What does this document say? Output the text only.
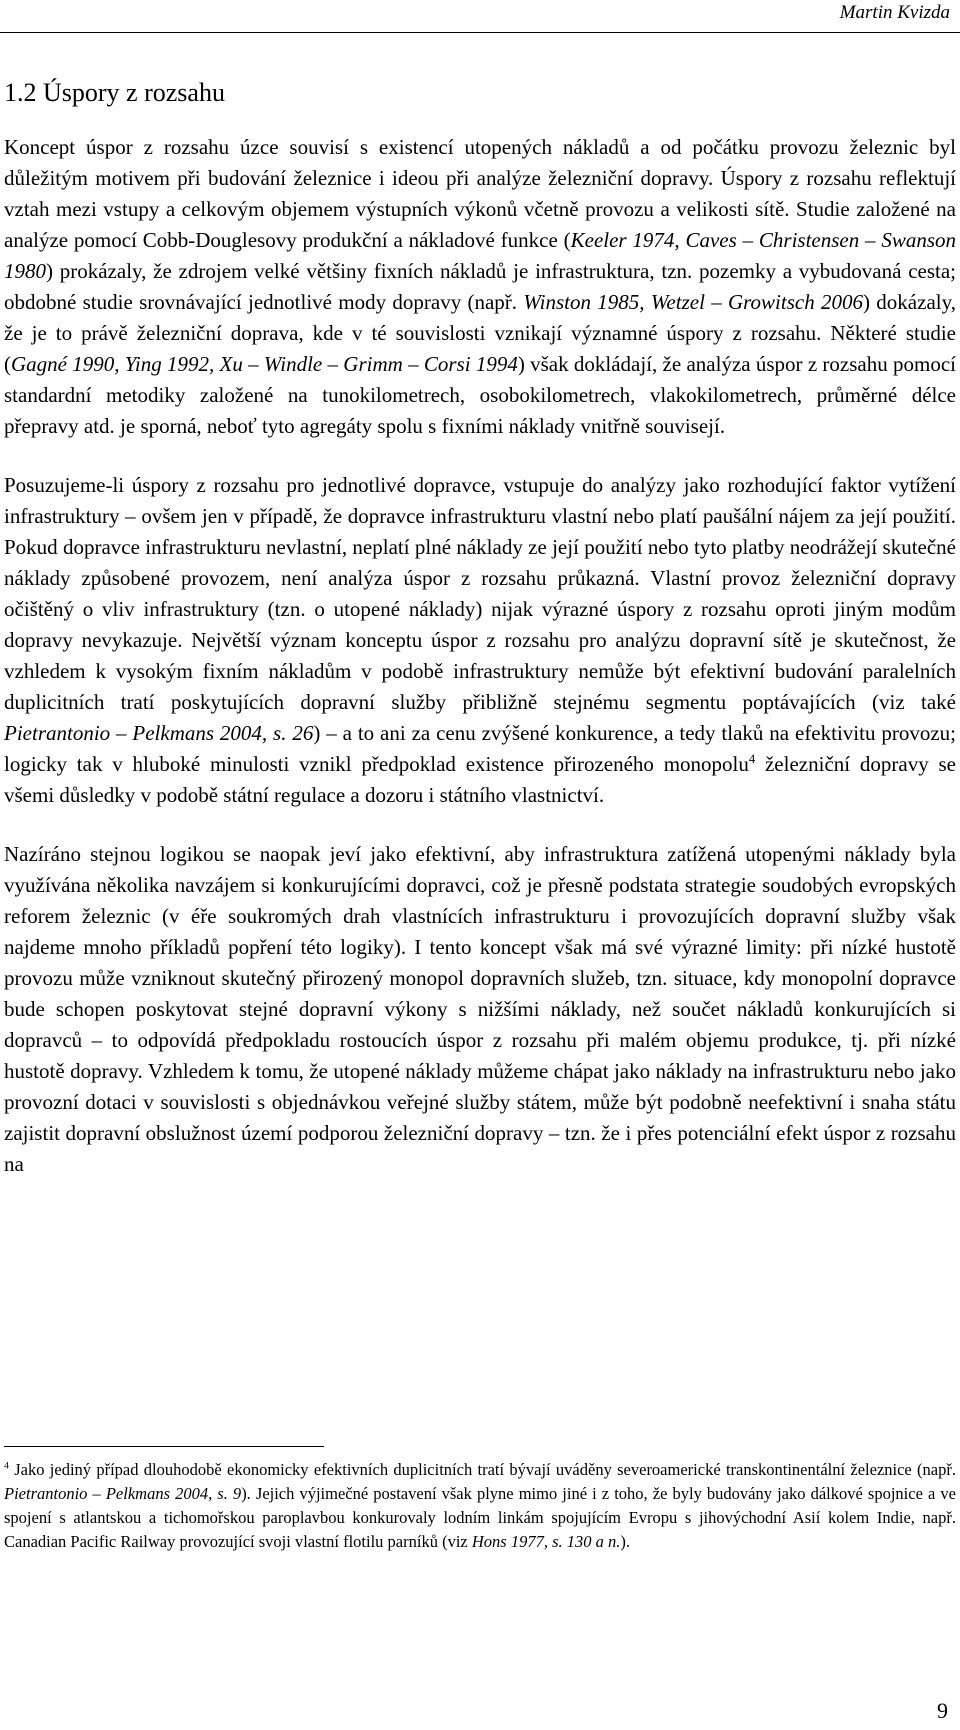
Martin Kvizda
1.2 Úspory z rozsahu

Koncept úspor z rozsahu úzce souvisí s existencí utopených nákladů a od počátku provozu železnic byl důležitým motivem při budování železnice i ideou při analýze železniční dopravy. Úspory z rozsahu reflektují vztah mezi vstupy a celkovým objemem výstupních výkonů včetně provozu a velikosti sítě. Studie založené na analýze pomocí Cobb-Douglesovy produkční a nákladové funkce (Keeler 1974, Caves – Christensen – Swanson 1980) prokázaly, že zdrojem velké většiny fixních nákladů je infrastruktura, tzn. pozemky a vybudovaná cesta; obdobné studie srovnávající jednotlivé mody dopravy (např. Winston 1985, Wetzel – Growitsch 2006) dokázaly, že je to právě železniční doprava, kde v té souvislosti vznikají významné úspory z rozsahu. Některé studie (Gagné 1990, Ying 1992, Xu – Windle – Grimm – Corsi 1994) však dokládají, že analýza úspor z rozsahu pomocí standardní metodiky založené na tunokilometrech, osobokilometrech, vlakokilometrech, průměrné délce přepravy atd. je sporná, neboť tyto agregáty spolu s fixními náklady vnitřně souvisejí.

Posuzujeme-li úspory z rozsahu pro jednotlivé dopravce, vstupuje do analýzy jako rozhodující faktor vytížení infrastruktury – ovšem jen v případě, že dopravce infrastrukturu vlastní nebo platí paušální nájem za její použití. Pokud dopravce infrastrukturu nevlastní, neplatí plné náklady ze její použití nebo tyto platby neodrážejí skutečné náklady způsobené provozem, není analýza úspor z rozsahu průkazná. Vlastní provoz železniční dopravy očištěný o vliv infrastruktury (tzn. o utopené náklady) nijak výrazné úspory z rozsahu oproti jiným modům dopravy nevykazuje. Největší význam konceptu úspor z rozsahu pro analýzu dopravní sítě je skutečnost, že vzhledem k vysokým fixním nákladům v podobě infrastruktury nemůže být efektivní budování paralelních duplicitních tratí poskytujících dopravní služby přibližně stejnému segmentu poptávajících (viz také Pietrantonio – Pelkmans 2004, s. 26) – a to ani za cenu zvýšené konkurence, a tedy tlaků na efektivitu provozu; logicky tak v hluboké minulosti vznikl předpoklad existence přirozeného monopolu$^4$ železniční dopravy se všemi důsledky v podobě státní regulace a dozoru i státního vlastnictví.

Nazíráno stejnou logikou se naopak jeví jako efektivní, aby infrastruktura zatížená utopenými náklady byla využívána několika navzájem si konkurujícími dopravci, což je přesně podstata strategie soudobých evropských reforem železnic (v éře soukromých drah vlastnících infrastrukturu i provozujících dopravní služby však najdeme mnoho příkladů popření této logiky). I tento koncept však má své výrazné limity: při nízké hustotě provozu může vzniknout skutečný přirozený monopol dopravních služeb, tzn. situace, kdy monopolní dopravce bude schopen poskytovat stejné dopravní výkony s nižšími náklady, než součet nákladů konkurujících si dopravců – to odpovídá předpokladu rostoucích úspor z rozsahu při malém objemu produkce, tj. při nízké hustotě dopravy. Vzhledem k tomu, že utopené náklady můžeme chápat jako náklady na infrastrukturu nebo jako provozní dotaci v souvislosti s objednávkou veřejné služby státem, může být podobně neefektivní i snaha státu zajistit dopravní obslužnost území podporou železniční dopravy – tzn. že i přes potenciální efekt úspor z rozsahu na

$^4$ Jako jediný případ dlouhodobě ekonomicky efektivních duplicitních tratí bývají uváděny severoamerické transkontinentální železnice (např. Pietrantonio – Pelkmans 2004, s. 9). Jejich výjimečné postavení však plyne mimo jiné i z toho, že byly budovány jako dálkové spojnice a ve spojení s atlantskou a tichomořskou paroplavbou konkurovaly lodním linkám spojujícím Evropu s jihovýchodní Asií kolem Indie, např. Canadian Pacific Railway provozující svoji vlastní flotilu parníků (viz Hons 1977, s. 130 a n.).

9
